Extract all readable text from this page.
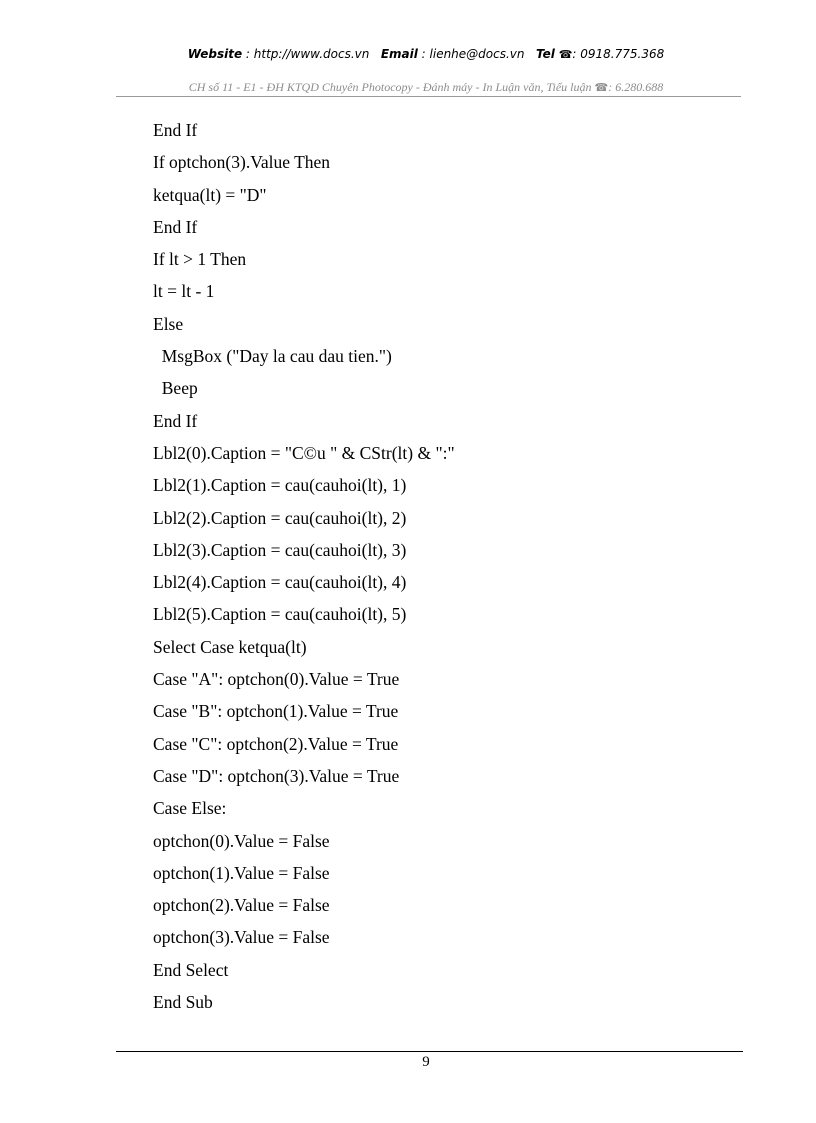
Website : http://www.docs.vn Email : lienhe@docs.vn Tel ☎: 0918.775.368
CH số 11 - E1 - ĐH KTQD Chuyên Photocopy - Đánh máy - In Luận văn, Tiểu luận ☎: 6.280.688
End If
If optchon(3).Value Then
ketqua(lt) = "D"
End If
If lt > 1 Then
lt = lt - 1
Else
MsgBox ("Day la cau dau tien.")
Beep
End If
Lbl2(0).Caption = "C©u " & CStr(lt) & ":"
Lbl2(1).Caption = cau(cauhoi(lt), 1)
Lbl2(2).Caption = cau(cauhoi(lt), 2)
Lbl2(3).Caption = cau(cauhoi(lt), 3)
Lbl2(4).Caption = cau(cauhoi(lt), 4)
Lbl2(5).Caption = cau(cauhoi(lt), 5)
Select Case ketqua(lt)
Case "A": optchon(0).Value = True
Case "B": optchon(1).Value = True
Case "C": optchon(2).Value = True
Case "D": optchon(3).Value = True
Case Else:
optchon(0).Value = False
optchon(1).Value = False
optchon(2).Value = False
optchon(3).Value = False
End Select
End Sub
9
